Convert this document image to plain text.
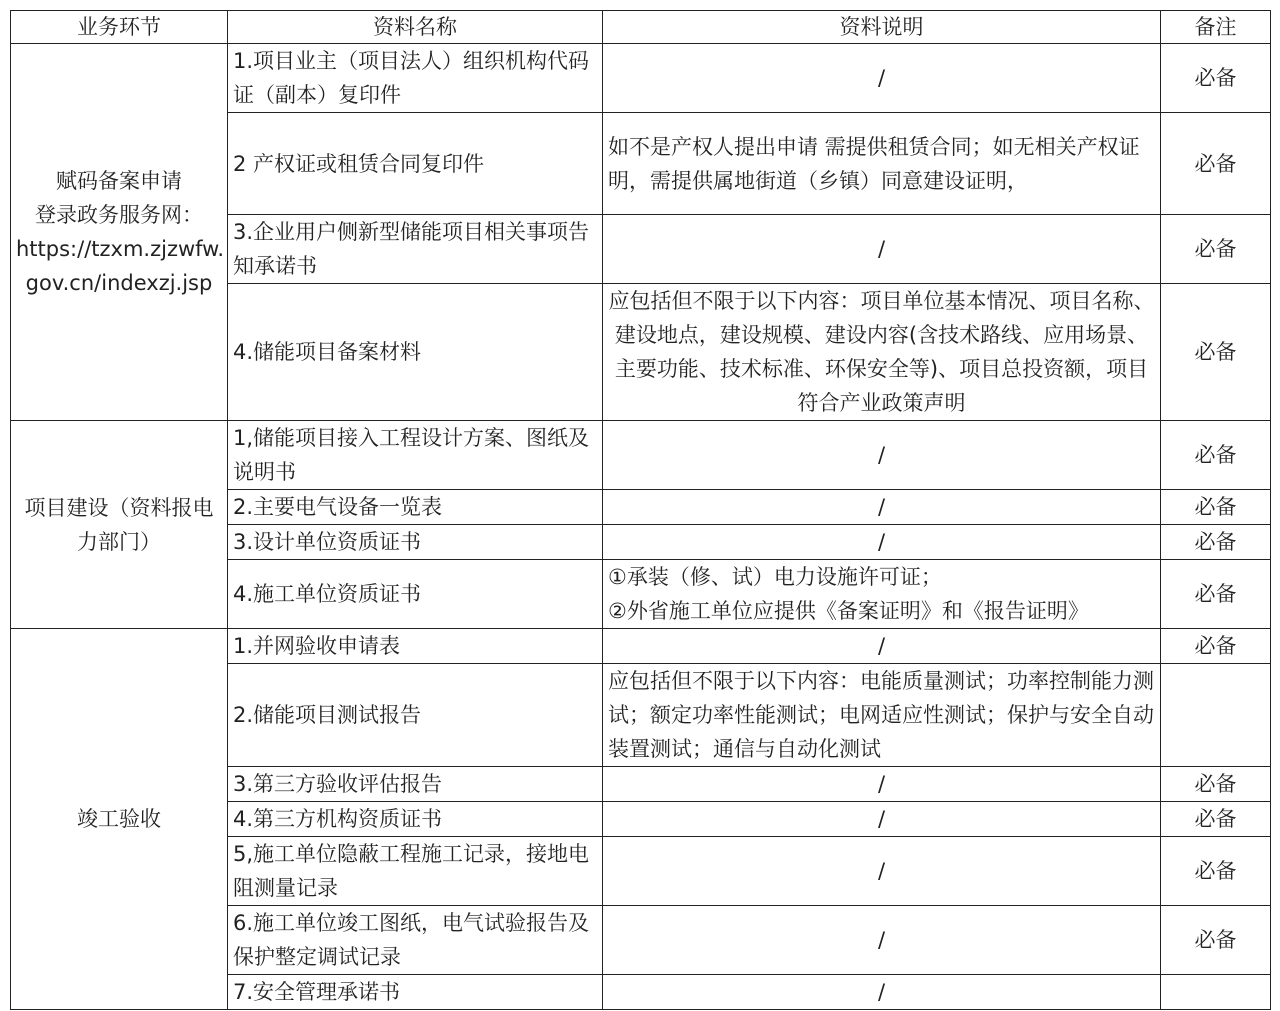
业务环节	资料名称	资料说明	备注

赋码备案申请
登录政务服务网：
https://tzxm.zjzwfw.
gov.cn/indexzj.jsp	1.项目业主（项目法人）组织机构代码证（副本）复印件	/	必备
	2 产权证或租赁合同复印件	如不是产权人提出申请 需提供租赁合同；如无相关产权证明，需提供属地街道（乡镇）同意建设证明，	必备
	3.企业用户侧新型储能项目相关事项告知承诺书	/	必备
	4.储能项目备案材料	应包括但不限于以下内容：项目单位基本情况、项目名称、建设地点，建设规模、建设内容(含技术路线、应用场景、主要功能、技术标准、环保安全等)、项目总投资额，项目符合产业政策声明	必备

项目建设（资料报电力部门）	1,储能项目接入工程设计方案、图纸及说明书	/	必备
	2.主要电气设备一览表	/	必备
	3.设计单位资质证书	/	必备
	4.施工单位资质证书	①承装（修、试）电力设施许可证；
②外省施工单位应提供《备案证明》和《报告证明》	必备

竣工验收	1.并网验收申请表	/	必备
	2.储能项目测试报告	应包括但不限于以下内容：电能质量测试；功率控制能力测试；额定功率性能测试；电网适应性测试；保护与安全自动装置测试；通信与自动化测试	
	3.第三方验收评估报告	/	必备
	4.第三方机构资质证书	/	必备
	5,施工单位隐蔽工程施工记录，接地电阻测量记录	/	必备
	6.施工单位竣工图纸，电气试验报告及保护整定调试记录	/	必备
	7.安全管理承诺书	/	
